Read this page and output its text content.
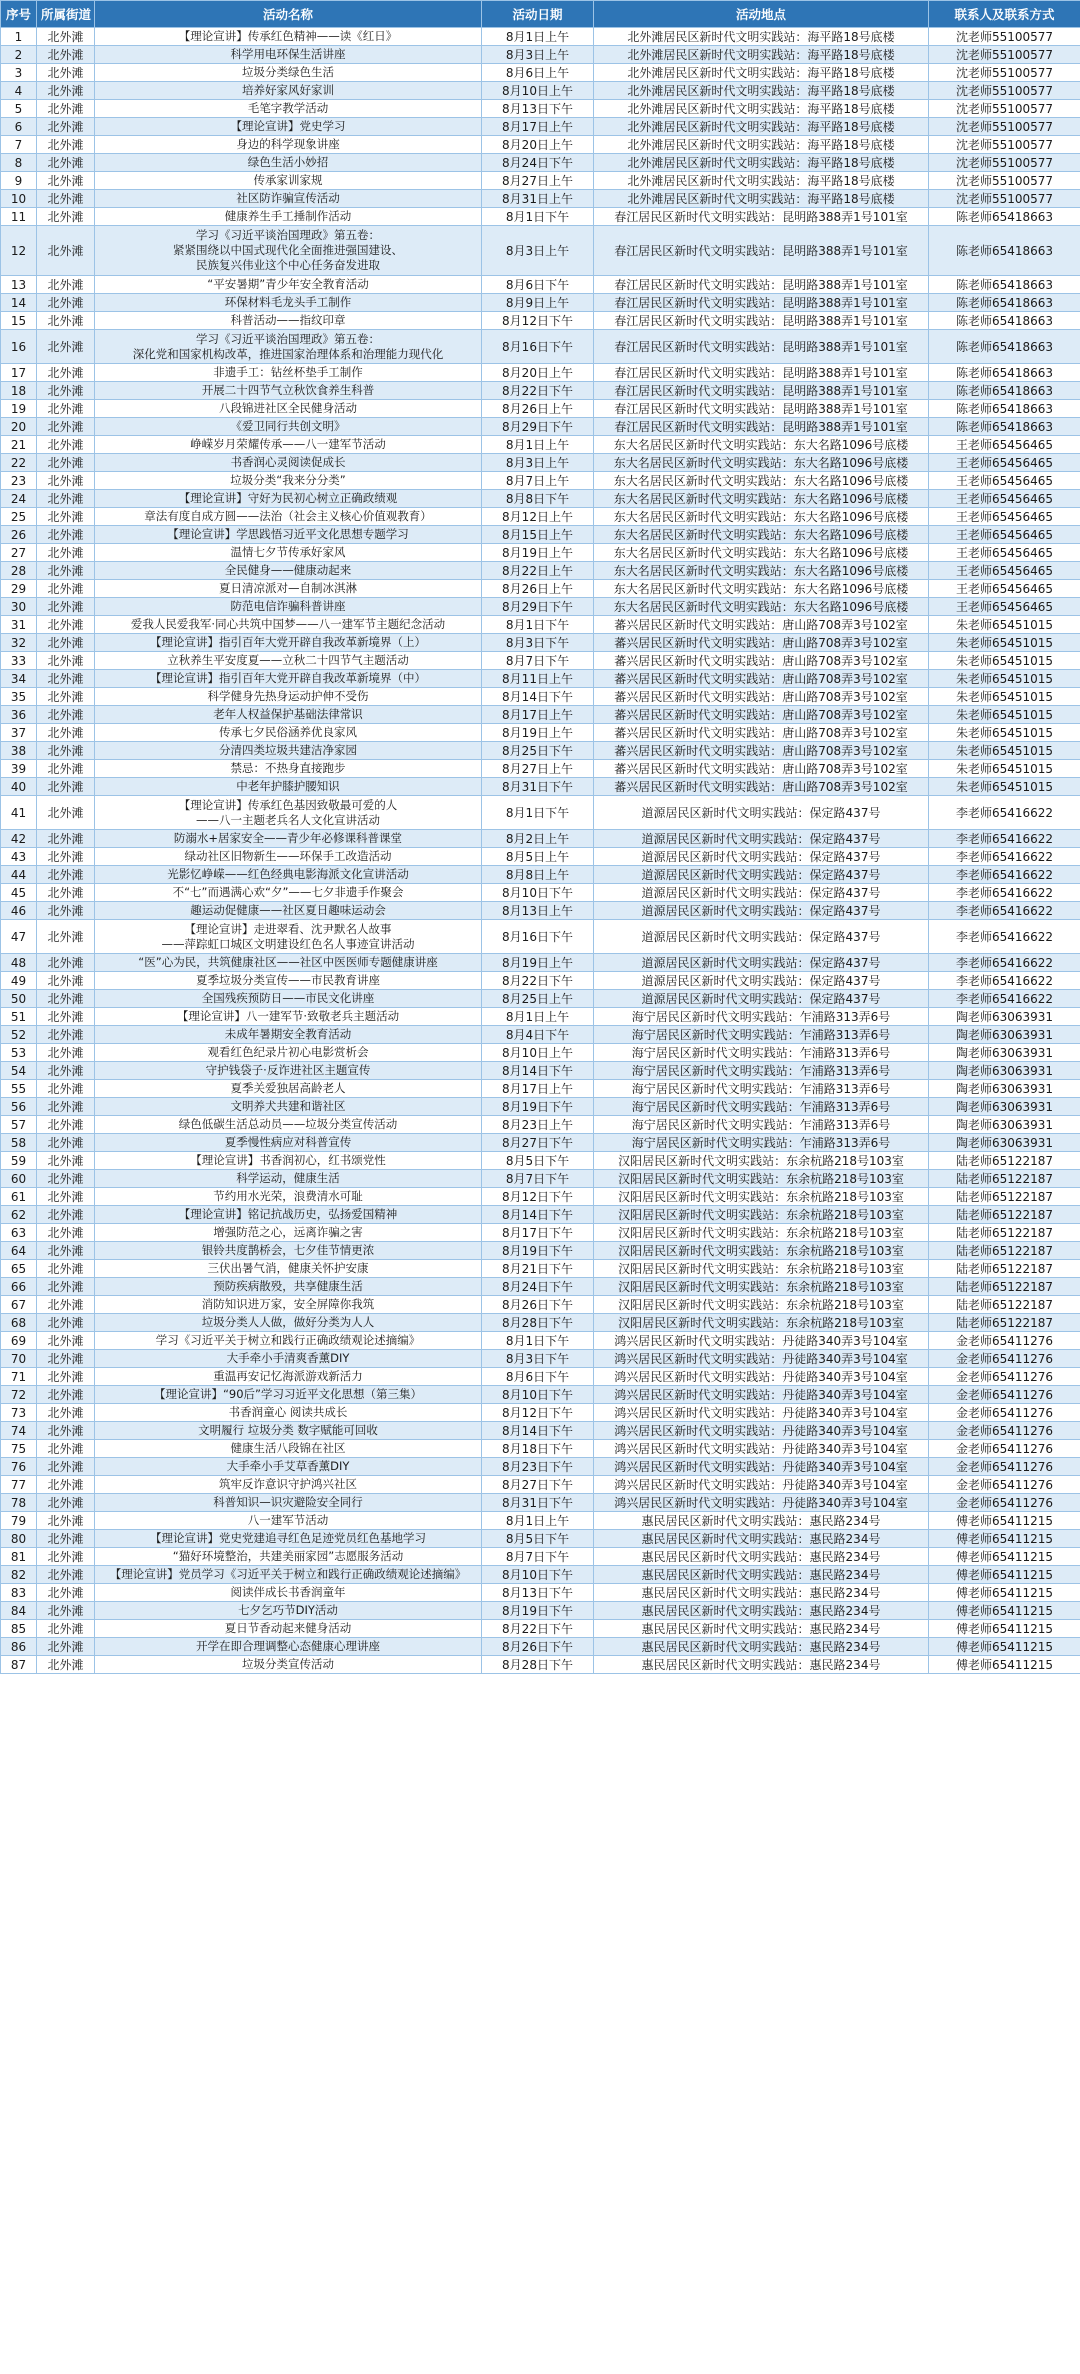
序号	所属街道	活动名称	活动日期	活动地点	联系人及联系方式
1	北外滩	【理论宣讲】传承红色精神——读《红日》	8月1日上午	北外滩居民区新时代文明实践站：海平路18号底楼	沈老师55100577
2	北外滩	科学用电环保生活讲座	8月3日上午	北外滩居民区新时代文明实践站：海平路18号底楼	沈老师55100577
3	北外滩	垃圾分类绿色生活	8月6日上午	北外滩居民区新时代文明实践站：海平路18号底楼	沈老师55100577
4	北外滩	培养好家风好家训	8月10日上午	北外滩居民区新时代文明实践站：海平路18号底楼	沈老师55100577
5	北外滩	毛笔字教学活动	8月13日下午	北外滩居民区新时代文明实践站：海平路18号底楼	沈老师55100577
6	北外滩	【理论宣讲】党史学习	8月17日上午	北外滩居民区新时代文明实践站：海平路18号底楼	沈老师55100577
7	北外滩	身边的科学现象讲座	8月20日上午	北外滩居民区新时代文明实践站：海平路18号底楼	沈老师55100577
8	北外滩	绿色生活小妙招	8月24日下午	北外滩居民区新时代文明实践站：海平路18号底楼	沈老师55100577
9	北外滩	传承家训家规	8月27日上午	北外滩居民区新时代文明实践站：海平路18号底楼	沈老师55100577
10	北外滩	社区防诈骗宣传活动	8月31日上午	北外滩居民区新时代文明实践站：海平路18号底楼	沈老师55100577
11	北外滩	健康养生手工捶制作活动	8月1日下午	春江居民区新时代文明实践站：昆明路388弄1号101室	陈老师65418663
12	北外滩	学习《习近平谈治国理政》第五卷：
紧紧围绕以中国式现代化全面推进强国建设、
民族复兴伟业这个中心任务奋发进取	8月3日上午	春江居民区新时代文明实践站：昆明路388弄1号101室	陈老师65418663
13	北外滩	“平安暑期”青少年安全教育活动	8月6日下午	春江居民区新时代文明实践站：昆明路388弄1号101室	陈老师65418663
14	北外滩	环保材料毛龙头手工制作	8月9日上午	春江居民区新时代文明实践站：昆明路388弄1号101室	陈老师65418663
15	北外滩	科普活动——指纹印章	8月12日下午	春江居民区新时代文明实践站：昆明路388弄1号101室	陈老师65418663
16	北外滩	学习《习近平谈治国理政》第五卷：
深化党和国家机构改革，推进国家治理体系和治理能力现代化	8月16日下午	春江居民区新时代文明实践站：昆明路388弄1号101室	陈老师65418663
17	北外滩	非遗手工：钻丝杯垫手工制作	8月20日上午	春江居民区新时代文明实践站：昆明路388弄1号101室	陈老师65418663
18	北外滩	开展二十四节气立秋饮食养生科普	8月22日下午	春江居民区新时代文明实践站：昆明路388弄1号101室	陈老师65418663
19	北外滩	八段锦进社区全民健身活动	8月26日上午	春江居民区新时代文明实践站：昆明路388弄1号101室	陈老师65418663
20	北外滩	《爱卫同行共创文明》	8月29日下午	春江居民区新时代文明实践站：昆明路388弄1号101室	陈老师65418663
21	北外滩	峥嵘岁月荣耀传承——八一建军节活动	8月1日上午	东大名居民区新时代文明实践站：东大名路1096号底楼	王老师65456465
22	北外滩	书香润心灵阅读促成长	8月3日上午	东大名居民区新时代文明实践站：东大名路1096号底楼	王老师65456465
23	北外滩	垃圾分类“我来分分类”	8月7日上午	东大名居民区新时代文明实践站：东大名路1096号底楼	王老师65456465
24	北外滩	【理论宣讲】守好为民初心树立正确政绩观	8月8日下午	东大名居民区新时代文明实践站：东大名路1096号底楼	王老师65456465
25	北外滩	章法有度自成方圆——法治（社会主义核心价值观教育）	8月12日上午	东大名居民区新时代文明实践站：东大名路1096号底楼	王老师65456465
26	北外滩	【理论宣讲】学思践悟习近平文化思想专题学习	8月15日上午	东大名居民区新时代文明实践站：东大名路1096号底楼	王老师65456465
27	北外滩	温情七夕节传承好家风	8月19日上午	东大名居民区新时代文明实践站：东大名路1096号底楼	王老师65456465
28	北外滩	全民健身——健康动起来	8月22日上午	东大名居民区新时代文明实践站：东大名路1096号底楼	王老师65456465
29	北外滩	夏日清凉派对—自制冰淇淋	8月26日上午	东大名居民区新时代文明实践站：东大名路1096号底楼	王老师65456465
30	北外滩	防范电信诈骗科普讲座	8月29日下午	东大名居民区新时代文明实践站：东大名路1096号底楼	王老师65456465
31	北外滩	爱我人民爱我军·同心共筑中国梦——八一建军节主题纪念活动	8月1日下午	蕃兴居民区新时代文明实践站：唐山路708弄3号102室	朱老师65451015
32	北外滩	【理论宣讲】指引百年大党开辟自我改革新境界（上）	8月3日下午	蕃兴居民区新时代文明实践站：唐山路708弄3号102室	朱老师65451015
33	北外滩	立秋养生平安度夏——立秋二十四节气主题活动	8月7日下午	蕃兴居民区新时代文明实践站：唐山路708弄3号102室	朱老师65451015
34	北外滩	【理论宣讲】指引百年大党开辟自我改革新境界（中）	8月11日上午	蕃兴居民区新时代文明实践站：唐山路708弄3号102室	朱老师65451015
35	北外滩	科学健身先热身运动护伸不受伤	8月14日下午	蕃兴居民区新时代文明实践站：唐山路708弄3号102室	朱老师65451015
36	北外滩	老年人权益保护基础法律常识	8月17日上午	蕃兴居民区新时代文明实践站：唐山路708弄3号102室	朱老师65451015
37	北外滩	传承七夕民俗涵养优良家风	8月19日上午	蕃兴居民区新时代文明实践站：唐山路708弄3号102室	朱老师65451015
38	北外滩	分清四类垃圾共建洁净家园	8月25日下午	蕃兴居民区新时代文明实践站：唐山路708弄3号102室	朱老师65451015
39	北外滩	禁忌：不热身直接跑步	8月27日上午	蕃兴居民区新时代文明实践站：唐山路708弄3号102室	朱老师65451015
40	北外滩	中老年护膝护腰知识	8月31日下午	蕃兴居民区新时代文明实践站：唐山路708弄3号102室	朱老师65451015
41	北外滩	【理论宣讲】传承红色基因致敬最可爱的人
——八一主题老兵名人文化宣讲活动	8月1日下午	道源居民区新时代文明实践站：保定路437号	李老师65416622
42	北外滩	防溺水+居家安全——青少年必修课科普课堂	8月2日上午	道源居民区新时代文明实践站：保定路437号	李老师65416622
43	北外滩	绿动社区旧物新生——环保手工改造活动	8月5日上午	道源居民区新时代文明实践站：保定路437号	李老师65416622
44	北外滩	光影忆峥嵘——红色经典电影海派文化宣讲活动	8月8日上午	道源居民区新时代文明实践站：保定路437号	李老师65416622
45	北外滩	不“七”而遇满心欢“夕”——七夕非遗手作聚会	8月10日下午	道源居民区新时代文明实践站：保定路437号	李老师65416622
46	北外滩	趣运动促健康——社区夏日趣味运动会	8月13日上午	道源居民区新时代文明实践站：保定路437号	李老师65416622
47	北外滩	【理论宣讲】走进翠看、沈尹默名人故事
——萍踪虹口城区文明建设红色名人事迹宣讲活动	8月16日下午	道源居民区新时代文明实践站：保定路437号	李老师65416622
48	北外滩	“医”心为民，共筑健康社区——社区中医医师专题健康讲座	8月19日上午	道源居民区新时代文明实践站：保定路437号	李老师65416622
49	北外滩	夏季垃圾分类宣传——市民教育讲座	8月22日下午	道源居民区新时代文明实践站：保定路437号	李老师65416622
50	北外滩	全国残疾预防日——市民文化讲座	8月25日上午	道源居民区新时代文明实践站：保定路437号	李老师65416622
51	北外滩	【理论宣讲】八一建军节·致敬老兵主题活动	8月1日上午	海宁居民区新时代文明实践站：乍浦路313弄6号	陶老师63063931
52	北外滩	未成年暑期安全教育活动	8月4日下午	海宁居民区新时代文明实践站：乍浦路313弄6号	陶老师63063931
53	北外滩	观看红色纪录片初心电影赏析会	8月10日上午	海宁居民区新时代文明实践站：乍浦路313弄6号	陶老师63063931
54	北外滩	守护钱袋子·反诈进社区主题宣传	8月14日下午	海宁居民区新时代文明实践站：乍浦路313弄6号	陶老师63063931
55	北外滩	夏季关爱独居高龄老人	8月17日上午	海宁居民区新时代文明实践站：乍浦路313弄6号	陶老师63063931
56	北外滩	文明养犬共建和谐社区	8月19日下午	海宁居民区新时代文明实践站：乍浦路313弄6号	陶老师63063931
57	北外滩	绿色低碳生活总动员——垃圾分类宣传活动	8月23日上午	海宁居民区新时代文明实践站：乍浦路313弄6号	陶老师63063931
58	北外滩	夏季慢性病应对科普宣传	8月27日下午	海宁居民区新时代文明实践站：乍浦路313弄6号	陶老师63063931
59	北外滩	【理论宣讲】书香润初心，红书颂党性	8月5日下午	汉阳居民区新时代文明实践站：东余杭路218号103室	陆老师65122187
60	北外滩	科学运动，健康生活	8月7日下午	汉阳居民区新时代文明实践站：东余杭路218号103室	陆老师65122187
61	北外滩	节约用水光荣，浪费清水可耻	8月12日下午	汉阳居民区新时代文明实践站：东余杭路218号103室	陆老师65122187
62	北外滩	【理论宣讲】铭记抗战历史，弘扬爱国精神	8月14日下午	汉阳居民区新时代文明实践站：东余杭路218号103室	陆老师65122187
63	北外滩	增强防范之心，远离诈骗之害	8月17日下午	汉阳居民区新时代文明实践站：东余杭路218号103室	陆老师65122187
64	北外滩	银铃共度鹊桥会，七夕佳节情更浓	8月19日下午	汉阳居民区新时代文明实践站：东余杭路218号103室	陆老师65122187
65	北外滩	三伏出暑气消，健康关怀护安康	8月21日下午	汉阳居民区新时代文明实践站：东余杭路218号103室	陆老师65122187
66	北外滩	预防疾病散殁，共享健康生活	8月24日下午	汉阳居民区新时代文明实践站：东余杭路218号103室	陆老师65122187
67	北外滩	消防知识进万家，安全屏障你我筑	8月26日下午	汉阳居民区新时代文明实践站：东余杭路218号103室	陆老师65122187
68	北外滩	垃圾分类人人做，做好分类为人人	8月28日下午	汉阳居民区新时代文明实践站：东余杭路218号103室	陆老师65122187
69	北外滩	学习《习近平关于树立和践行正确政绩观论述摘编》	8月1日下午	鸿兴居民区新时代文明实践站：丹徒路340弄3号104室	金老师65411276
70	北外滩	大手牵小手清爽香薰DIY	8月3日下午	鸿兴居民区新时代文明实践站：丹徒路340弄3号104室	金老师65411276
71	北外滩	重温再安记忆海派游戏新活力	8月6日下午	鸿兴居民区新时代文明实践站：丹徒路340弄3号104室	金老师65411276
72	北外滩	【理论宣讲】“90后”学习习近平文化思想（第三集）	8月10日下午	鸿兴居民区新时代文明实践站：丹徒路340弄3号104室	金老师65411276
73	北外滩	书香润童心 阅读共成长	8月12日下午	鸿兴居民区新时代文明实践站：丹徒路340弄3号104室	金老师65411276
74	北外滩	文明履行 垃圾分类 数字赋能可回收	8月14日下午	鸿兴居民区新时代文明实践站：丹徒路340弄3号104室	金老师65411276
75	北外滩	健康生活八段锦在社区	8月18日下午	鸿兴居民区新时代文明实践站：丹徒路340弄3号104室	金老师65411276
76	北外滩	大手牵小手艾草香薰DIY	8月23日下午	鸿兴居民区新时代文明实践站：丹徒路340弄3号104室	金老师65411276
77	北外滩	筑牢反诈意识守护鸿兴社区	8月27日下午	鸿兴居民区新时代文明实践站：丹徒路340弄3号104室	金老师65411276
78	北外滩	科普知识—识灾避险安全同行	8月31日下午	鸿兴居民区新时代文明实践站：丹徒路340弄3号104室	金老师65411276
79	北外滩	八一建军节活动	8月1日上午	惠民居民区新时代文明实践站：惠民路234号	傅老师65411215
80	北外滩	【理论宣讲】党史党建追寻红色足迹党员红色基地学习	8月5日下午	惠民居民区新时代文明实践站：惠民路234号	傅老师65411215
81	北外滩	“猫好环境整治，共建美丽家园”志愿服务活动	8月7日下午	惠民居民区新时代文明实践站：惠民路234号	傅老师65411215
82	北外滩	【理论宣讲】党员学习《习近平关于树立和践行正确政绩观论述摘编》	8月10日下午	惠民居民区新时代文明实践站：惠民路234号	傅老师65411215
83	北外滩	阅读伴成长书香润童年	8月13日下午	惠民居民区新时代文明实践站：惠民路234号	傅老师65411215
84	北外滩	七夕乞巧节DIY活动	8月19日下午	惠民居民区新时代文明实践站：惠民路234号	傅老师65411215
85	北外滩	夏日节香动起来健身活动	8月22日下午	惠民居民区新时代文明实践站：惠民路234号	傅老师65411215
86	北外滩	开学在即合理调整心态健康心理讲座	8月26日下午	惠民居民区新时代文明实践站：惠民路234号	傅老师65411215
87	北外滩	垃圾分类宣传活动	8月28日下午	惠民居民区新时代文明实践站：惠民路234号	傅老师65411215
